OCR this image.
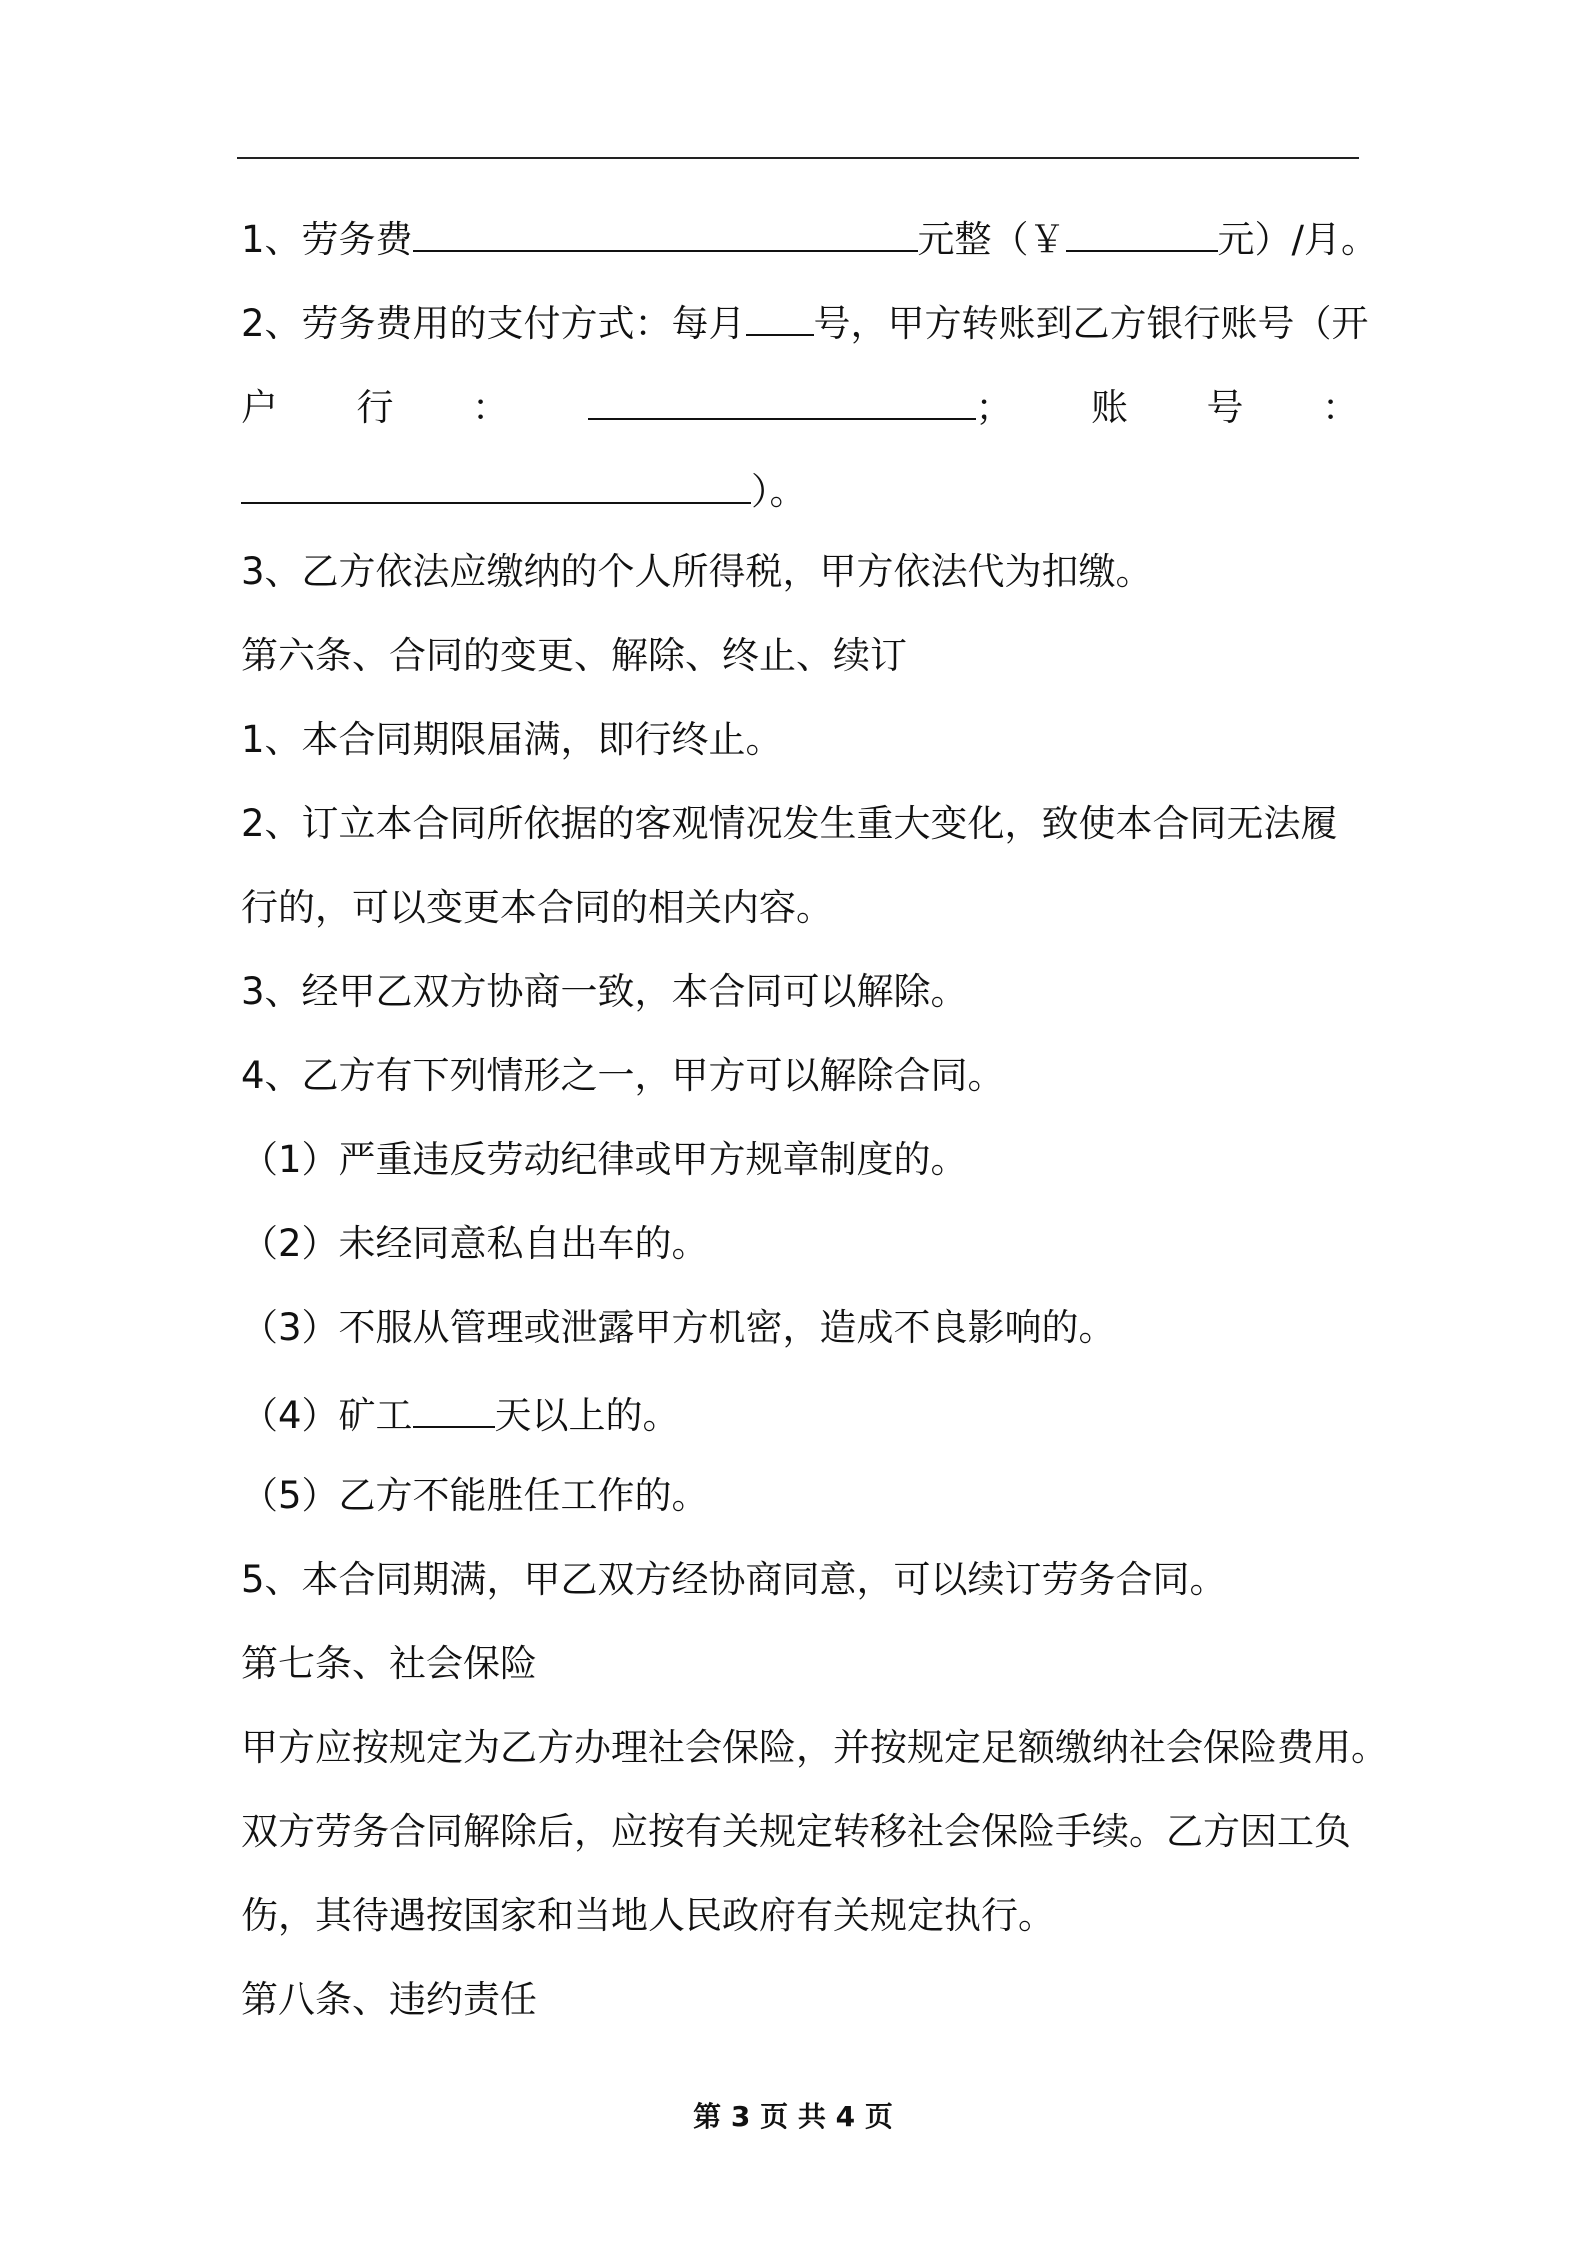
1、劳务费	元整（￥	元）/月。
2、劳务费用的支付方式：每月 号，甲方转账到乙方银行账号（开
户 行 ：	； 账 号 ：
）。
3、乙方依法应缴纳的个人所得税，甲方依法代为扣缴。
第六条、合同的变更、解除、终止、续订
1、本合同期限届满，即行终止。
2、订立本合同所依据的客观情况发生重大变化，致使本合同无法履
行的，可以变更本合同的相关内容。
3、经甲乙双方协商一致，本合同可以解除。
4、乙方有下列情形之一，甲方可以解除合同。
（1）严重违反劳动纪律或甲方规章制度的。
（2）未经同意私自出车的。
（3）不服从管理或泄露甲方机密，造成不良影响的。
（4）矿工 天以上的。
（5）乙方不能胜任工作的。
5、本合同期满，甲乙双方经协商同意，可以续订劳务合同。
第七条、社会保险
甲方应按规定为乙方办理社会保险，并按规定足额缴纳社会保险费用。
双方劳务合同解除后，应按有关规定转移社会保险手续。乙方因工负
伤，其待遇按国家和当地人民政府有关规定执行。
第八条、违约责任
第 3 页 共 4 页
